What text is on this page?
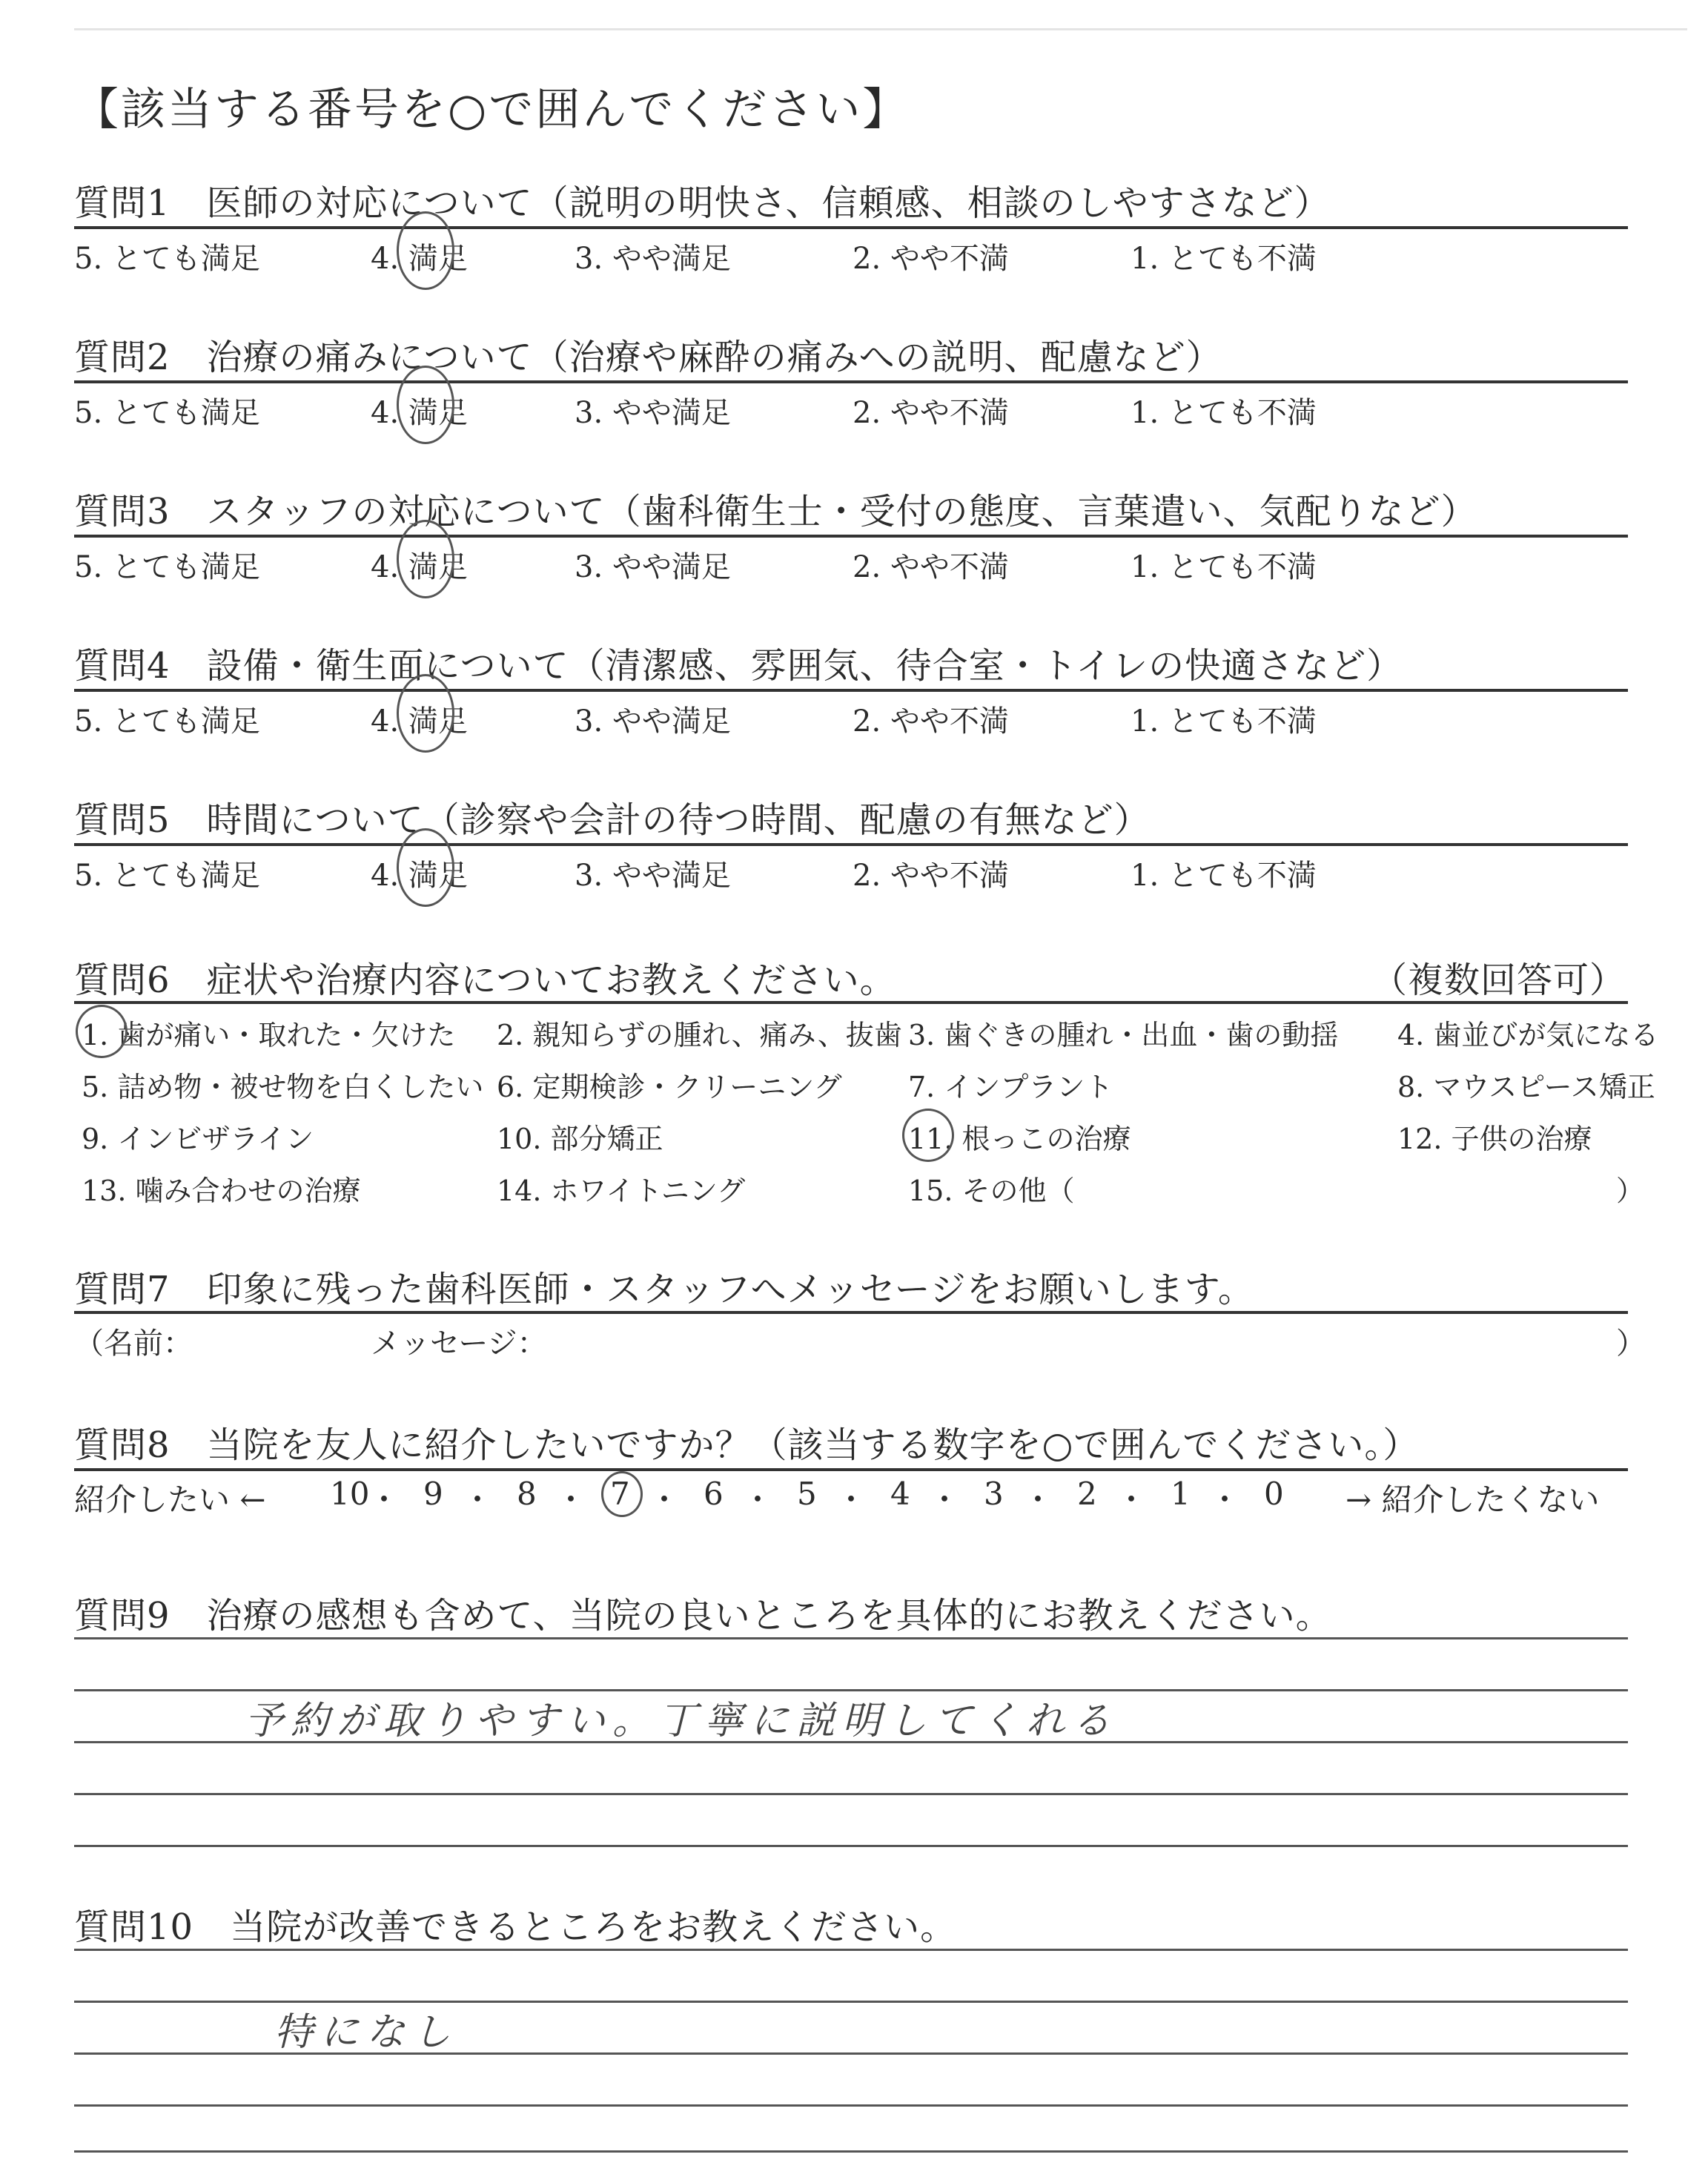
【該当する番号を○で囲んでください】
質問1　医師の対応について（説明の明快さ、信頼感、相談のしやすさなど）
5. とても満足	4. 満足	3. やや満足	2. やや不満	1. とても不満
質問2　治療の痛みについて（治療や麻酔の痛みへの説明、配慮など）
5. とても満足	4. 満足	3. やや満足	2. やや不満	1. とても不満
質問3　スタッフの対応について（歯科衛生士・受付の態度、言葉遣い、気配りなど）
5. とても満足	4. 満足	3. やや満足	2. やや不満	1. とても不満
質問4　設備・衛生面について（清潔感、雰囲気、待合室・トイレの快適さなど）
5. とても満足	4. 満足	3. やや満足	2. やや不満	1. とても不満
質問5　時間について（診察や会計の待つ時間、配慮の有無など）
5. とても満足	4. 満足	3. やや満足	2. やや不満	1. とても不満
質問6　症状や治療内容についてお教えください。	（複数回答可）
1. 歯が痛い・取れた・欠けた 2. 親知らずの腫れ、痛み、抜歯 3. 歯ぐきの腫れ・出血・歯の動揺 4. 歯並びが気になる
5. 詰め物・被せ物を白くしたい 6. 定期検診・クリーニング 7. インプラント	8. マウスピース矯正
9. インビザライン	10. 部分矯正	11. 根っこの治療	12. 子供の治療
13. 噛み合わせの治療	14. ホワイトニング	15. その他（	）
質問7　印象に残った歯科医師・スタッフへメッセージをお願いします。
（名前：	メッセージ：	）
質問8　当院を友人に紹介したいですか？（該当する数字を○で囲んでください。）
紹介したい ← 10
・ 9 ・ 8 ・ 7 ・ 6 ・ 5 ・ 4 ・ 3 ・ 2 ・ 1 ・ 0 → 紹介したくない
質問9　治療の感想も含めて、当院の良いところを具体的にお教えください。
予約が取りやすい。丁寧に説明してくれる
質問10　当院が改善できるところをお教えください。
特になし
